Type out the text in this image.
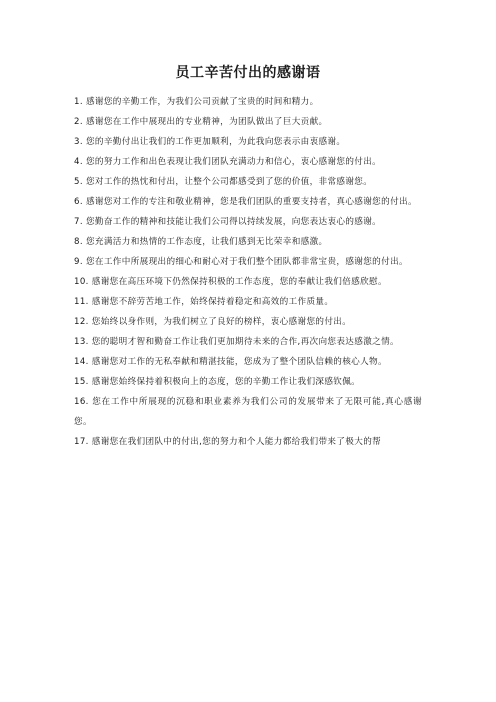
员工辛苦付出的感谢语
1. 感谢您的辛勤工作，为我们公司贡献了宝贵的时间和精力。
2. 感谢您在工作中展现出的专业精神，为团队做出了巨大贡献。
3. 您的辛勤付出让我们的工作更加顺利，为此我向您表示由衷感谢。
4. 您的努力工作和出色表现让我们团队充满动力和信心，衷心感谢您的付出。
5. 您对工作的热忱和付出，让整个公司都感受到了您的价值，非常感谢您。
6. 感谢您对工作的专注和敬业精神，您是我们团队的重要支持者，真心感谢您的付出。
7. 您勤奋工作的精神和技能让我们公司得以持续发展，向您表达衷心的感谢。
8. 您充满活力和热情的工作态度，让我们感到无比荣幸和感激。
9. 您在工作中所展现出的细心和耐心对于我们整个团队都非常宝贵，感谢您的付出。
10. 感谢您在高压环境下仍然保持积极的工作态度，您的奉献让我们倍感欣慰。
11. 感谢您不辞劳苦地工作，始终保持着稳定和高效的工作质量。
12. 您始终以身作则，为我们树立了良好的榜样，衷心感谢您的付出。
13. 您的聪明才智和勤奋工作让我们更加期待未来的合作,再次向您表达感激之情。
14. 感谢您对工作的无私奉献和精湛技能，您成为了整个团队信赖的核心人物。
15. 感谢您始终保持着积极向上的态度，您的辛勤工作让我们深感钦佩。
16. 您在工作中所展现的沉稳和职业素养为我们公司的发展带来了无限可能,真心感谢您。
17. 感谢您在我们团队中的付出,您的努力和个人能力都给我们带来了极大的帮
